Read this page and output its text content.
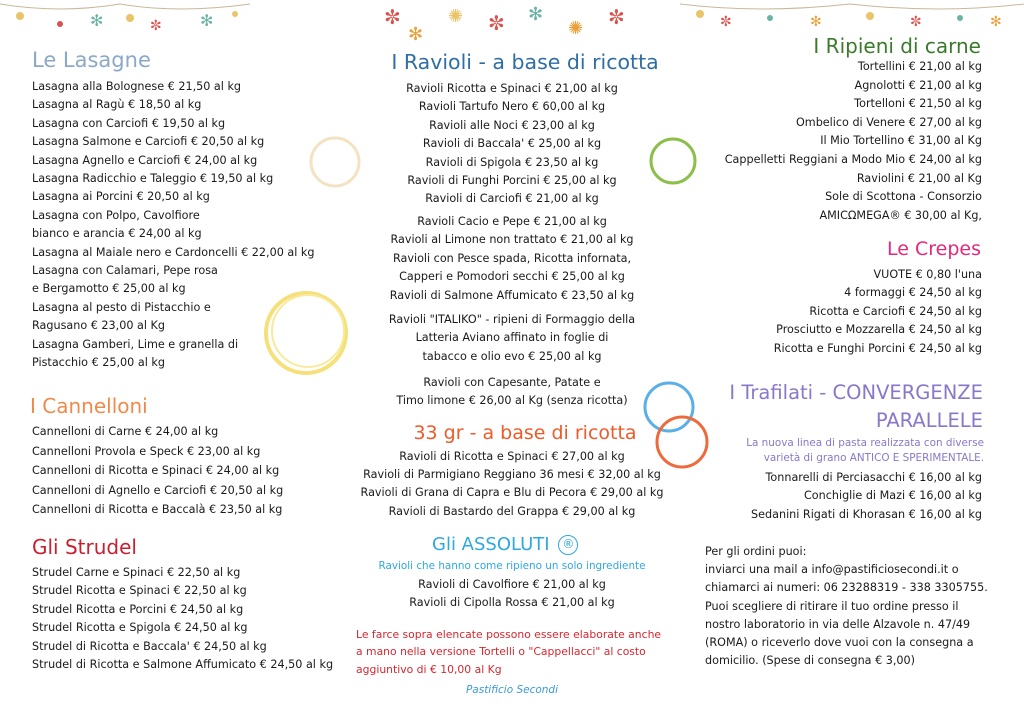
✻	✼ ✻	✼
✻
✺ ✼ ✻
✺ ✼	✼	✻	✼	✻
Le Lasagne
Lasagna alla Bolognese € 21,50 al kg
Lasagna al Ragù € 18,50 al kg
Lasagna con Carciofi € 19,50 al kg
Lasagna Salmone e Carciofi € 20,50 al kg
Lasagna Agnello e Carciofi € 24,00 al kg
Lasagna Radicchio e Taleggio € 19,50 al kg
Lasagna ai Porcini € 20,50 al kg
Lasagna con Polpo, Cavolfiore
bianco e arancia € 24,00 al kg
Lasagna al Maiale nero e Cardoncelli € 22,00 al kg
Lasagna con Calamari, Pepe rosa
e Bergamotto € 25,00 al kg
Lasagna al pesto di Pistacchio e
Ragusano € 23,00 al Kg
Lasagna Gamberi, Lime e granella di
Pistacchio € 25,00 al kg
I Cannelloni
Cannelloni di Carne € 24,00 al kg
Cannelloni Provola e Speck € 23,00 al kg
Cannelloni di Ricotta e Spinaci € 24,00 al kg
Cannelloni di Agnello e Carciofi € 20,50 al kg
Cannelloni di Ricotta e Baccalà € 23,50 al kg
Gli Strudel
Strudel Carne e Spinaci € 22,50 al kg
Strudel Ricotta e Spinaci € 22,50 al kg
Strudel Ricotta e Porcini € 24,50 al kg
Strudel Ricotta e Spigola € 24,50 al kg
Strudel di Ricotta e Baccala' € 24,50 al kg
Strudel di Ricotta e Salmone Affumicato € 24,50 al kg
I Ravioli - a base di ricotta
Ravioli Ricotta e Spinaci € 21,00 al kg
Ravioli Tartufo Nero € 60,00 al kg
Ravioli alle Noci € 23,00 al kg
Ravioli di Baccala' € 25,00 al kg
Ravioli di Spigola € 23,50 al kg
Ravioli di Funghi Porcini € 25,00 al kg
Ravioli di Carciofi € 21,00 al kg
Ravioli Cacio e Pepe € 21,00 al kg
Ravioli al Limone non trattato € 21,00 al kg
Ravioli con Pesce spada, Ricotta infornata,
Capperi e Pomodori secchi € 25,00 al kg
Ravioli di Salmone Affumicato € 23,50 al kg
Ravioli "ITALIKO" - ripieni di Formaggio della
Latteria Aviano affinato in foglie di
tabacco e olio evo € 25,00 al kg
Ravioli con Capesante, Patate e
Timo limone € 26,00 al Kg (senza ricotta)
33 gr - a base di ricotta
Ravioli di Ricotta e Spinaci € 27,00 al kg
Ravioli di Parmigiano Reggiano 36 mesi € 32,00 al kg
Ravioli di Grana di Capra e Blu di Pecora € 29,00 al kg
Ravioli di Bastardo del Grappa € 29,00 al kg
Gli ASSOLUTI ®
Ravioli che hanno come ripieno un solo ingrediente
Ravioli di Cavolfiore € 21,00 al kg
Ravioli di Cipolla Rossa € 21,00 al kg
Le farce sopra elencate possono essere elaborate anche
a mano nella versione Tortelli o "Cappellacci" al costo
aggiuntivo di € 10,00 al Kg
Pastificio Secondi
I Ripieni di carne
Tortellini € 21,00 al kg
Agnolotti € 21,00 al kg
Tortelloni € 21,50 al kg
Ombelico di Venere € 27,00 al kg
Il Mio Tortellino € 31,00 al Kg
Cappelletti Reggiani a Modo Mio € 24,00 al kg
Raviolini € 21,00 al Kg
Sole di Scottona - Consorzio
AMICΩMEGA® € 30,00 al Kg,
Le Crepes
VUOTE € 0,80 l'una
4 formaggi € 24,50 al kg
Ricotta e Carciofi € 24,50 al kg
Prosciutto e Mozzarella € 24,50 al kg
Ricotta e Funghi Porcini € 24,50 al kg
I Trafilati - CONVERGENZE
PARALLELE
La nuova linea di pasta realizzata con diverse
varietà di grano ANTICO E SPERIMENTALE.
Tonnarelli di Perciasacchi € 16,00 al kg
Conchiglie di Mazi € 16,00 al kg
Sedanini Rigati di Khorasan € 16,00 al kg
Per gli ordini puoi:
inviarci una mail a info@pastificiosecondi.it o
chiamarci ai numeri: 06 23288319 - 338 3305755.
Puoi scegliere di ritirare il tuo ordine presso il
nostro laboratorio in via delle Alzavole n. 47/49
(ROMA) o riceverlo dove vuoi con la consegna a
domicilio. (Spese di consegna € 3,00)
